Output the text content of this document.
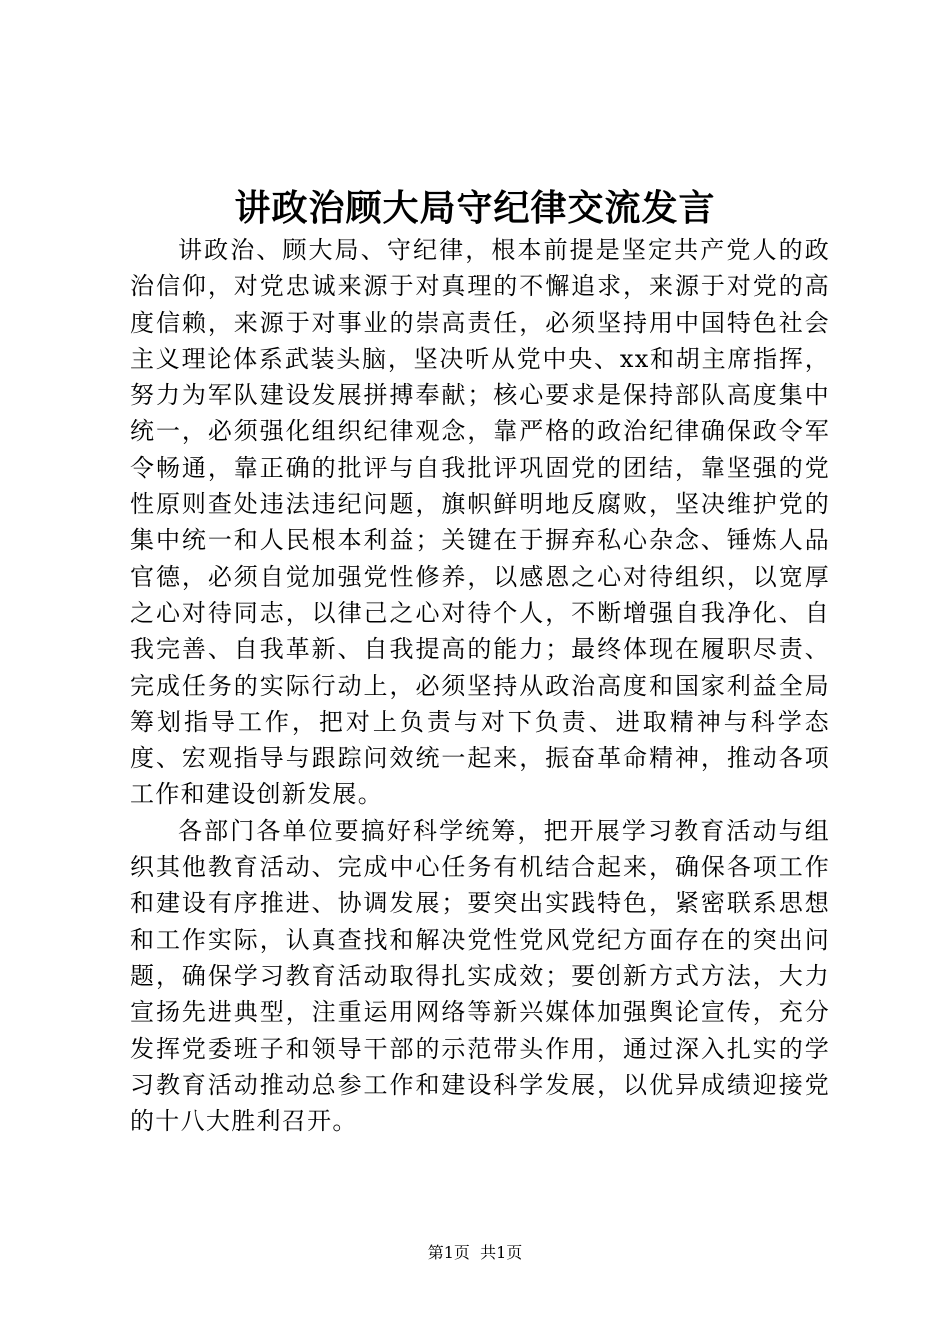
讲政治顾大局守纪律交流发言

讲政治、顾大局、守纪律，根本前提是坚定共产党人的政治信仰，对党忠诚来源于对真理的不懈追求，来源于对党的高度信赖，来源于对事业的崇高责任，必须坚持用中国特色社会主义理论体系武装头脑，坚决听从党中央、xx和胡主席指挥，努力为军队建设发展拼搏奉献；核心要求是保持部队高度集中统一，必须强化组织纪律观念，靠严格的政治纪律确保政令军令畅通，靠正确的批评与自我批评巩固党的团结，靠坚强的党性原则查处违法违纪问题，旗帜鲜明地反腐败，坚决维护党的集中统一和人民根本利益；关键在于摒弃私心杂念、锤炼人品官德，必须自觉加强党性修养，以感恩之心对待组织，以宽厚之心对待同志，以律己之心对待个人，不断增强自我净化、自我完善、自我革新、自我提高的能力；最终体现在履职尽责、完成任务的实际行动上，必须坚持从政治高度和国家利益全局筹划指导工作，把对上负责与对下负责、进取精神与科学态度、宏观指导与跟踪问效统一起来，振奋革命精神，推动各项工作和建设创新发展。

各部门各单位要搞好科学统筹，把开展学习教育活动与组织其他教育活动、完成中心任务有机结合起来，确保各项工作和建设有序推进、协调发展；要突出实践特色，紧密联系思想和工作实际，认真查找和解决党性党风党纪方面存在的突出问题，确保学习教育活动取得扎实成效；要创新方式方法，大力宣扬先进典型，注重运用网络等新兴媒体加强舆论宣传，充分发挥党委班子和领导干部的示范带头作用，通过深入扎实的学习教育活动推动总参工作和建设科学发展，以优异成绩迎接党的十八大胜利召开。

第1页 共1页
